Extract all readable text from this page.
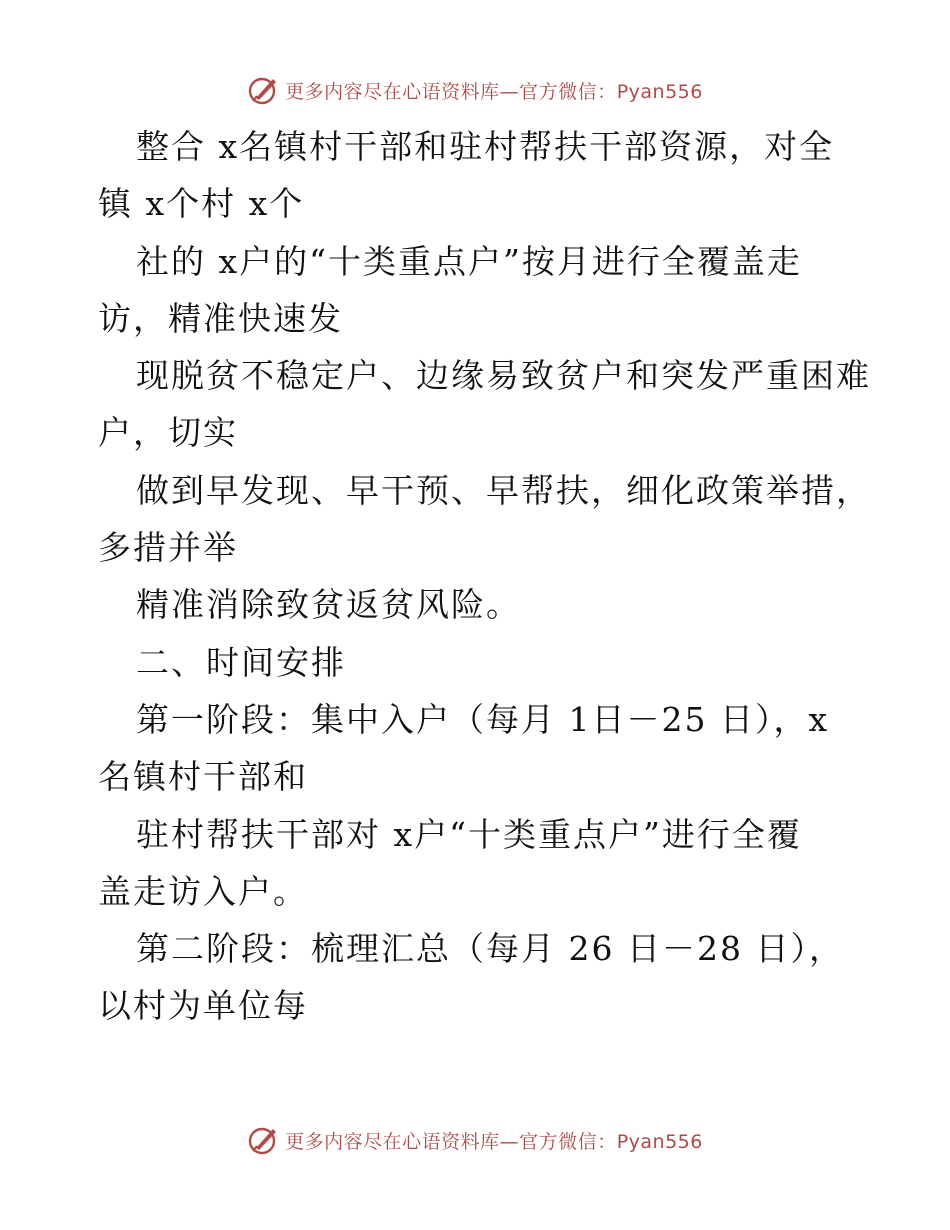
更多内容尽在心语资料库—官方微信：Pyan556
整合 x名镇村干部和驻村帮扶干部资源，对全
镇 x个村 x个
社的 x户的“十类重点户”按月进行全覆盖走
访，精准快速发
现脱贫不稳定户、边缘易致贫户和突发严重困难
户，切实
做到早发现、早干预、早帮扶，细化政策举措，
多措并举
精准消除致贫返贫风险。
二、时间安排
第一阶段：集中入户（每月 1日－25 日），x
名镇村干部和
驻村帮扶干部对 x户“十类重点户”进行全覆
盖走访入户。
第二阶段：梳理汇总（每月 26 日－28 日），
以村为单位每
更多内容尽在心语资料库—官方微信：Pyan556
